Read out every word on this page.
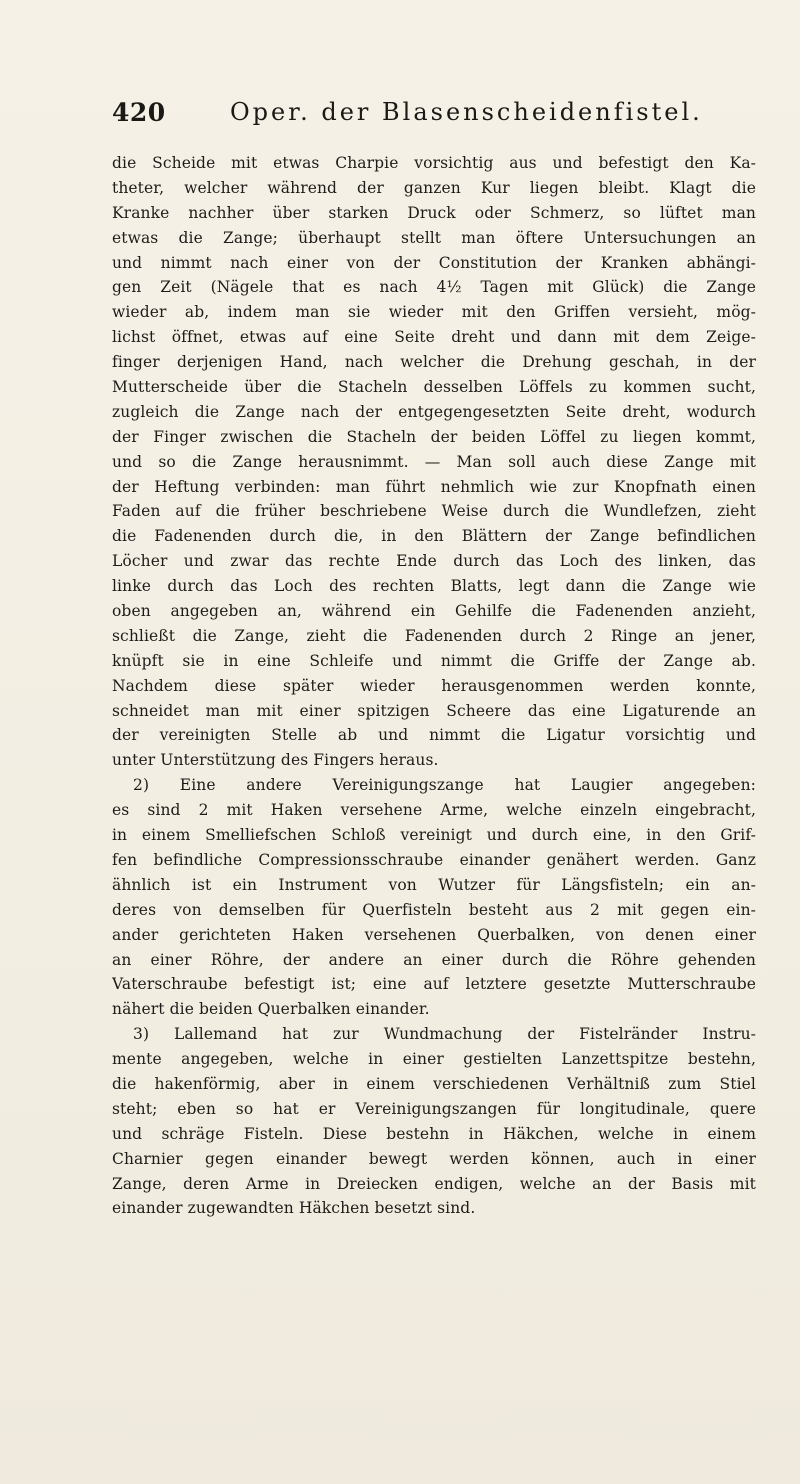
420	Oper. der Blasenscheidenfistel.
die Scheide mit etwas Charpie vorsichtig aus und befestigt den Ka-
theter, welcher während der ganzen Kur liegen bleibt. Klagt die
Kranke nachher über starken Druck oder Schmerz, so lüftet man
etwas die Zange; überhaupt stellt man öftere Untersuchungen an
und nimmt nach einer von der Constitution der Kranken abhängi-
gen Zeit (Nägele that es nach 4½ Tagen mit Glück) die Zange
wieder ab, indem man sie wieder mit den Griffen versieht, mög-
lichst öffnet, etwas auf eine Seite dreht und dann mit dem Zeige-
finger derjenigen Hand, nach welcher die Drehung geschah, in der
Mutterscheide über die Stacheln desselben Löffels zu kommen sucht,
zugleich die Zange nach der entgegengesetzten Seite dreht, wodurch
der Finger zwischen die Stacheln der beiden Löffel zu liegen kommt,
und so die Zange herausnimmt. — Man soll auch diese Zange mit
der Heftung verbinden: man führt nehmlich wie zur Knopfnath einen
Faden auf die früher beschriebene Weise durch die Wundlefzen, zieht
die Fadenenden durch die, in den Blättern der Zange befindlichen
Löcher und zwar das rechte Ende durch das Loch des linken, das
linke durch das Loch des rechten Blatts, legt dann die Zange wie
oben angegeben an, während ein Gehilfe die Fadenenden anzieht,
schließt die Zange, zieht die Fadenenden durch 2 Ringe an jener,
knüpft sie in eine Schleife und nimmt die Griffe der Zange ab.
Nachdem diese später wieder herausgenommen werden konnte,
schneidet man mit einer spitzigen Scheere das eine Ligaturende an
der vereinigten Stelle ab und nimmt die Ligatur vorsichtig und
unter Unterstützung des Fingers heraus.
2) Eine andere Vereinigungszange hat Laugier angegeben:
es sind 2 mit Haken versehene Arme, welche einzeln eingebracht,
in einem Smelliefschen Schloß vereinigt und durch eine, in den Grif-
fen befindliche Compressionsschraube einander genähert werden. Ganz
ähnlich ist ein Instrument von Wutzer für Längsfisteln; ein an-
deres von demselben für Querfisteln besteht aus 2 mit gegen ein-
ander gerichteten Haken versehenen Querbalken, von denen einer
an einer Röhre, der andere an einer durch die Röhre gehenden
Vaterschraube befestigt ist; eine auf letztere gesetzte Mutterschraube
nähert die beiden Querbalken einander.
3) Lallemand hat zur Wundmachung der Fistelränder Instru-
mente angegeben, welche in einer gestielten Lanzettspitze bestehn,
die hakenförmig, aber in einem verschiedenen Verhältniß zum Stiel
steht; eben so hat er Vereinigungszangen für longitudinale, quere
und schräge Fisteln. Diese bestehn in Häkchen, welche in einem
Charnier gegen einander bewegt werden können, auch in einer
Zange, deren Arme in Dreiecken endigen, welche an der Basis mit
einander zugewandten Häkchen besetzt sind.
